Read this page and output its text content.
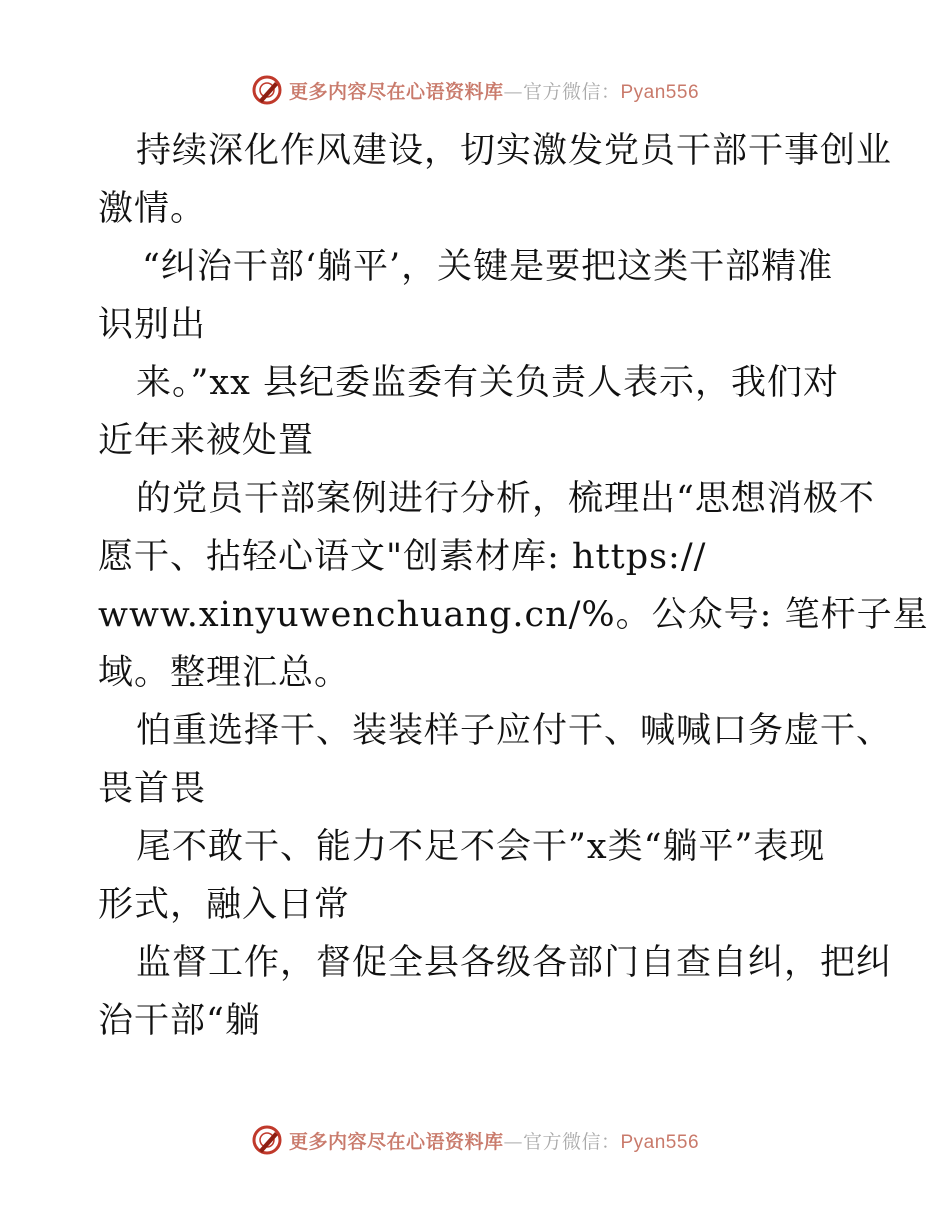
更多内容尽在心语资料库—官方微信：Pyan556
持续深化作风建设，切实激发党员干部干事创业
激情。
“纠治干部‘躺平’，关键是要把这类干部精准
识别出
来。”xx 县纪委监委有关负责人表示，我们对
近年来被处置
的党员干部案例进行分析，梳理出“思想消极不
愿干、拈轻心语文"创素材库: https://
www.xinyuwenchuang.cn/%。公众号: 笔杆子星
域。整理汇总。
怕重选择干、装装样子应付干、喊喊口务虚干、
畏首畏
尾不敢干、能力不足不会干”x类“躺平”表现
形式，融入日常
监督工作，督促全县各级各部门自查自纠，把纠
治干部“躺
更多内容尽在心语资料库—官方微信：Pyan556
